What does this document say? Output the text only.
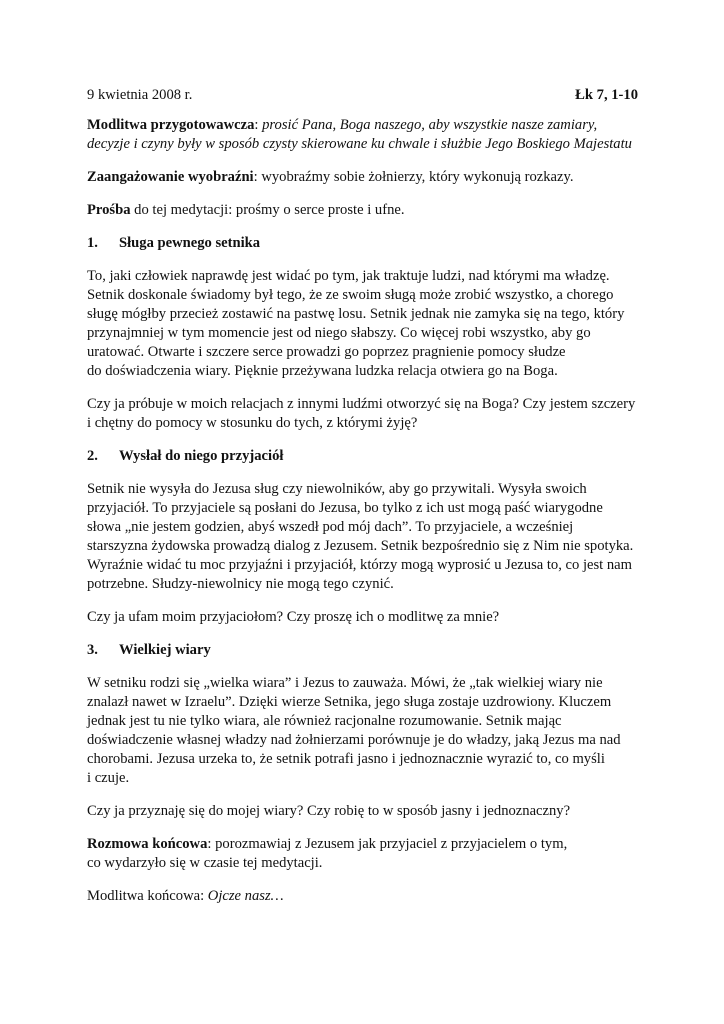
9 kwietnia 2008 r.	Łk 7, 1-10

Modlitwa przygotowawcza: prosić Pana, Boga naszego, aby wszystkie nasze zamiary,
decyzje i czyny były w sposób czysty skierowane ku chwale i służbie Jego Boskiego Majestatu

Zaangażowanie wyobraźni: wyobraźmy sobie żołnierzy, który wykonują rozkazy.

Prośba do tej medytacji: prośmy o serce proste i ufne.

1.	Sługa pewnego setnika

To, jaki człowiek naprawdę jest widać po tym, jak traktuje ludzi, nad którymi ma władzę.
Setnik doskonale świadomy był tego, że ze swoim sługą może zrobić wszystko, a chorego
sługę mógłby przecież zostawić na pastwę losu. Setnik jednak nie zamyka się na tego, który
przynajmniej w tym momencie jest od niego słabszy. Co więcej robi wszystko, aby go
uratować. Otwarte i szczere serce prowadzi go poprzez pragnienie pomocy słudze
do doświadczenia wiary. Pięknie przeżywana ludzka relacja otwiera go na Boga.

Czy ja próbuje w moich relacjach z innymi ludźmi otworzyć się na Boga? Czy jestem szczery
i chętny do pomocy w stosunku do tych, z którymi żyję?

2.	Wysłał do niego przyjaciół

Setnik nie wysyła do Jezusa sług czy niewolników, aby go przywitali. Wysyła swoich
przyjaciół. To przyjaciele są posłani do Jezusa, bo tylko z ich ust mogą paść wiarygodne
słowa „nie jestem godzien, abyś wszedł pod mój dach”. To przyjaciele, a wcześniej
starszyzna żydowska prowadzą dialog z Jezusem. Setnik bezpośrednio się z Nim nie spotyka.
Wyraźnie widać tu moc przyjaźni i przyjaciół, którzy mogą wyprosić u Jezusa to, co jest nam
potrzebne. Słudzy-niewolnicy nie mogą tego czynić.

Czy ja ufam moim przyjaciołom? Czy proszę ich o modlitwę za mnie?

3.	Wielkiej wiary

W setniku rodzi się „wielka wiara” i Jezus to zauważa. Mówi, że „tak wielkiej wiary nie
znalazł nawet w Izraelu”. Dzięki wierze Setnika, jego sługa zostaje uzdrowiony. Kluczem
jednak jest tu nie tylko wiara, ale również racjonalne rozumowanie. Setnik mając
doświadczenie własnej władzy nad żołnierzami porównuje je do władzy, jaką Jezus ma nad
chorobami. Jezusa urzeka to, że setnik potrafi jasno i jednoznacznie wyrazić to, co myśli
i czuje.

Czy ja przyznaję się do mojej wiary? Czy robię to w sposób jasny i jednoznaczny?

Rozmowa końcowa: porozmawiaj z Jezusem jak przyjaciel z przyjacielem o tym,
co wydarzyło się w czasie tej medytacji.

Modlitwa końcowa: Ojcze nasz…
